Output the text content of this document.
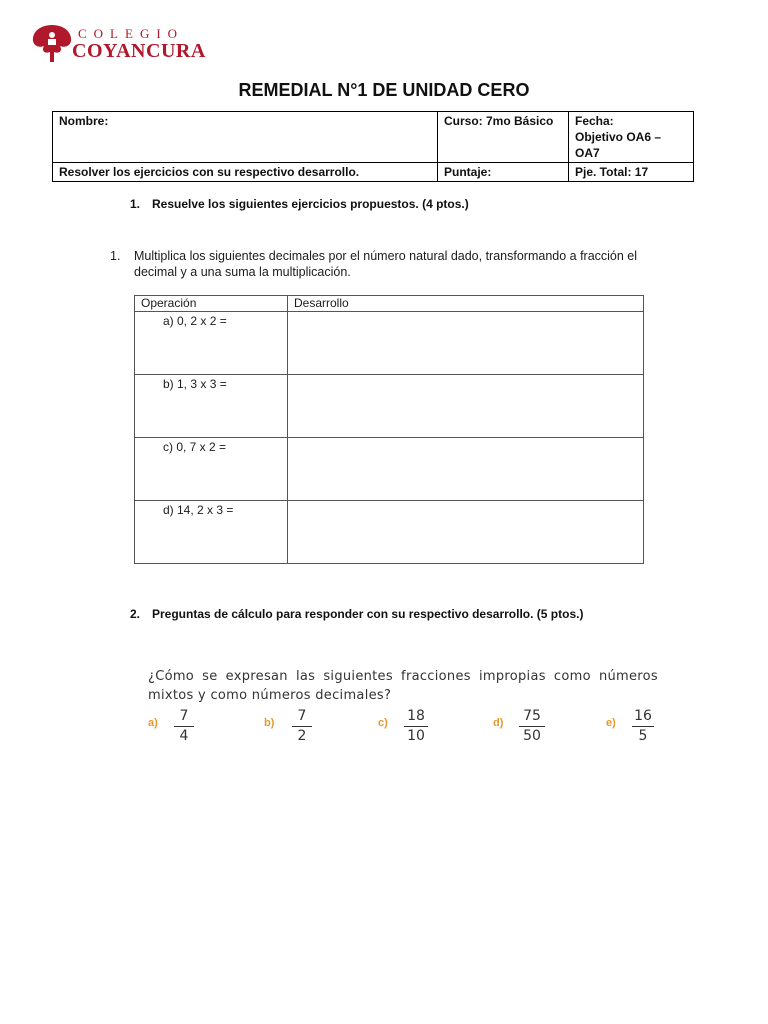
COLEGIO
COYANCURA
REMEDIAL N°1 DE UNIDAD CERO
Nombre:	Curso: 7mo Básico	Fecha:
Objetivo OA6 –
OA7
Resolver los ejercicios con su respectivo desarrollo.	Puntaje:	Pje. Total: 17
1. Resuelve los siguientes ejercicios propuestos. (4 ptos.)
1. Multiplica los siguientes decimales por el número natural dado, transformando a fracción el decimal y a una suma la multiplicación.
Operación	Desarrollo
a) 0, 2 x 2 =	
b) 1, 3 x 3 =	
c) 0, 7 x 2 =	
d) 14, 2 x 3 =	
2. Preguntas de cálculo para responder con su respectivo desarrollo. (5 ptos.)
¿Cómo se expresan las siguientes fracciones impropias como números mixtos y como números decimales?
a)	7
4
b)	7
2
c) 18
10
d) 75
50
e) 16
5
